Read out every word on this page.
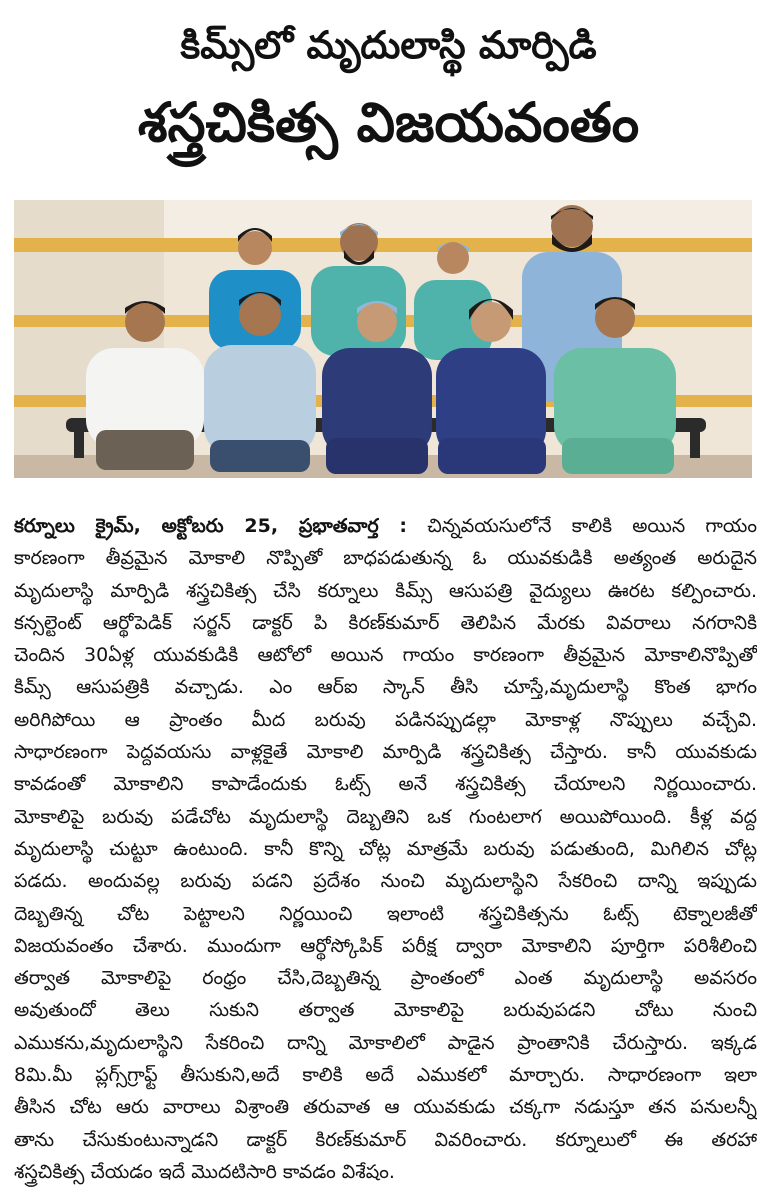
కిమ్స్‌లో మృదులాస్థి మార్పిడి
శస్త్రచికిత్స విజయవంతం
కర్నూలు క్రైమ్, అక్టోబరు 25, ప్రభాతవార్త : చిన్నవయసులోనే కాలికి అయిన గాయం
కారణంగా తీవ్రమైన మోకాలి నొప్పితో బాధపడుతున్న ఓ యువకుడికి అత్యంత అరుదైన
మృదులాస్థి మార్పిడి శస్త్రచికిత్స చేసి కర్నూలు కిమ్స్ ఆసుపత్రి వైద్యులు ఊరట కల్పించారు.
కన్సల్టెంట్ ఆర్థోపెడిక్ సర్జన్ డాక్టర్ పి కిరణ్‌కుమార్ తెలిపిన మేరకు వివరాలు నగరానికి
చెందిన 30ఏళ్ల యువకుడికి ఆటోలో అయిన గాయం కారణంగా తీవ్రమైన మోకాలినొప్పితో
కిమ్స్ ఆసుపత్రికి వచ్చాడు. ఎం ఆర్ఐ స్కాన్ తీసి చూస్తే,మృదులాస్థి కొంత భాగం
అరిగిపోయి ఆ ప్రాంతం మీద బరువు పడినప్పుడల్లా మోకాళ్ల నొప్పులు వచ్చేవి.
సాధారణంగా పెద్దవయసు వాళ్లకైతే మోకాలి మార్పిడి శస్త్రచికిత్స చేస్తారు. కానీ యువకుడు
కావడంతో మోకాలిని కాపాడేందుకు ఓట్స్ అనే శస్త్రచికిత్స చేయాలని నిర్ణయించారు.
మోకాలిపై బరువు పడేచోట మృదులాస్థి దెబ్బతిని ఒక గుంటలాగ అయిపోయింది. కీళ్ల వద్ద
మృదులాస్థి చుట్టూ ఉంటుంది. కానీ కొన్ని చోట్ల మాత్రమే బరువు పడుతుంది, మిగిలిన చోట్ల
పడదు. అందువల్ల బరువు పడని ప్రదేశం నుంచి మృదులాస్థిని సేకరించి దాన్ని ఇప్పుడు
దెబ్బతిన్న చోట పెట్టాలని నిర్ణయించి ఇలాంటి శస్త్రచికిత్సను ఓట్స్ టెక్నాలజీతో
విజయవంతం చేశారు. ముందుగా ఆర్థోస్కోపిక్ పరీక్ష ద్వారా మోకాలిని పూర్తిగా పరిశీలించి
తర్వాత మోకాలిపై రంధ్రం చేసి,దెబ్బతిన్న ప్రాంతంలో ఎంత మృదులాస్థి అవసరం
అవుతుందో తెలు సుకుని తర్వాత మోకాలిపై బరువుపడని చోటు నుంచి
ఎముకను,మృదులాస్థిని సేకరించి దాన్ని మోకాలిలో పాడైన ప్రాంతానికి చేరుస్తారు. ఇక్కడ
8మి.మీ ప్లగ్స్‌గ్రాఫ్ట్ తీసుకుని,అదే కాలికి అదే ఎముకలో మార్చారు. సాధారణంగా ఇలా
తీసిన చోట ఆరు వారాలు విశ్రాంతి తరువాత ఆ యువకుడు చక్కగా నడుస్తూ తన పనులన్నీ
తాను చేసుకుంటున్నాడని డాక్టర్ కిరణ్‌కుమార్ వివరించారు. కర్నూలులో ఈ తరహా
శస్త్రచికిత్స చేయడం ఇదే మొదటిసారి కావడం విశేషం.
